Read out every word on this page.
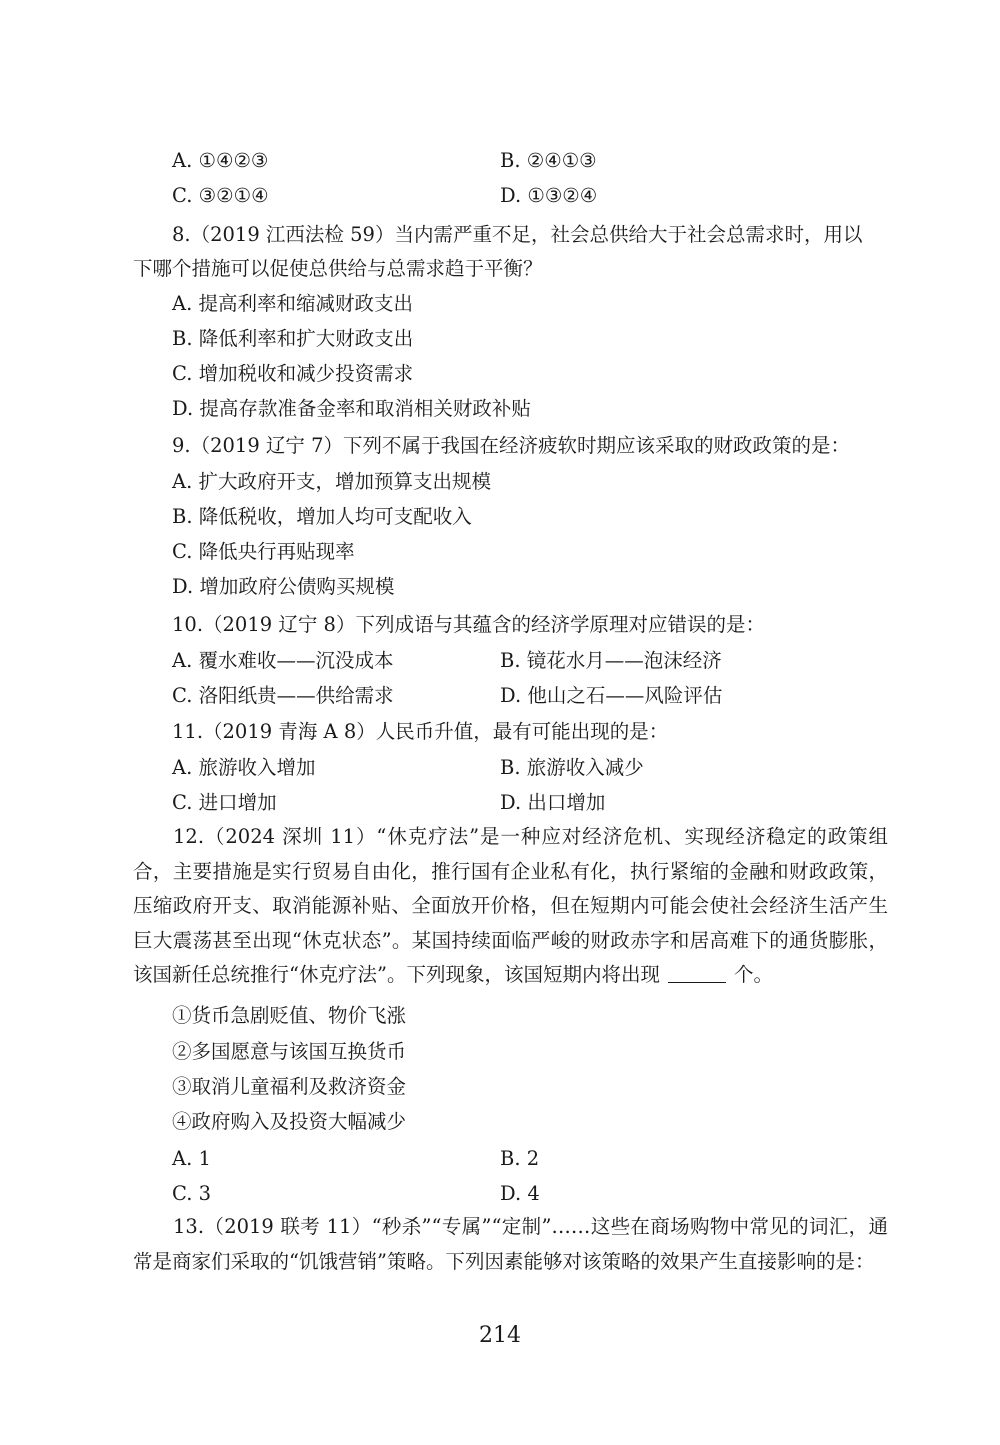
A. ①④②③	B. ②④①③
C. ③②①④	D. ①③②④
8.（2019 江西法检 59）当内需严重不足，社会总供给大于社会总需求时，用以
下哪个措施可以促使总供给与总需求趋于平衡？
A. 提高利率和缩减财政支出
B. 降低利率和扩大财政支出
C. 增加税收和减少投资需求
D. 提高存款准备金率和取消相关财政补贴
9.（2019 辽宁 7）下列不属于我国在经济疲软时期应该采取的财政政策的是：
A. 扩大政府开支，增加预算支出规模
B. 降低税收，增加人均可支配收入
C. 降低央行再贴现率
D. 增加政府公债购买规模
10.（2019 辽宁 8）下列成语与其蕴含的经济学原理对应错误的是：
A. 覆水难收——沉没成本	B. 镜花水月——泡沫经济
C. 洛阳纸贵——供给需求	D. 他山之石——风险评估
11.（2019 青海 A 8）人民币升值，最有可能出现的是：
A. 旅游收入增加	B. 旅游收入减少
C. 进口增加	D. 出口增加
12.（2024 深圳 11）“休克疗法”是一种应对经济危机、实现经济稳定的政策组合，主要措施是实行贸易自由化，推行国有企业私有化，执行紧缩的金融和财政政策，压缩政府开支、取消能源补贴、全面放开价格，但在短期内可能会使社会经济生活产生巨大震荡甚至出现“休克状态”。某国持续面临严峻的财政赤字和居高难下的通货膨胀，该国新任总统推行“休克疗法”。下列现象，该国短期内将出现	个。
①货币急剧贬值、物价飞涨
②多国愿意与该国互换货币
③取消儿童福利及救济资金
④政府购入及投资大幅减少
A. 1	B. 2
C. 3	D. 4
13.（2019 联考 11）“秒杀”“专属”“定制”……这些在商场购物中常见的词汇，通常是商家们采取的“饥饿营销”策略。下列因素能够对该策略的效果产生直接影响的是：
214
